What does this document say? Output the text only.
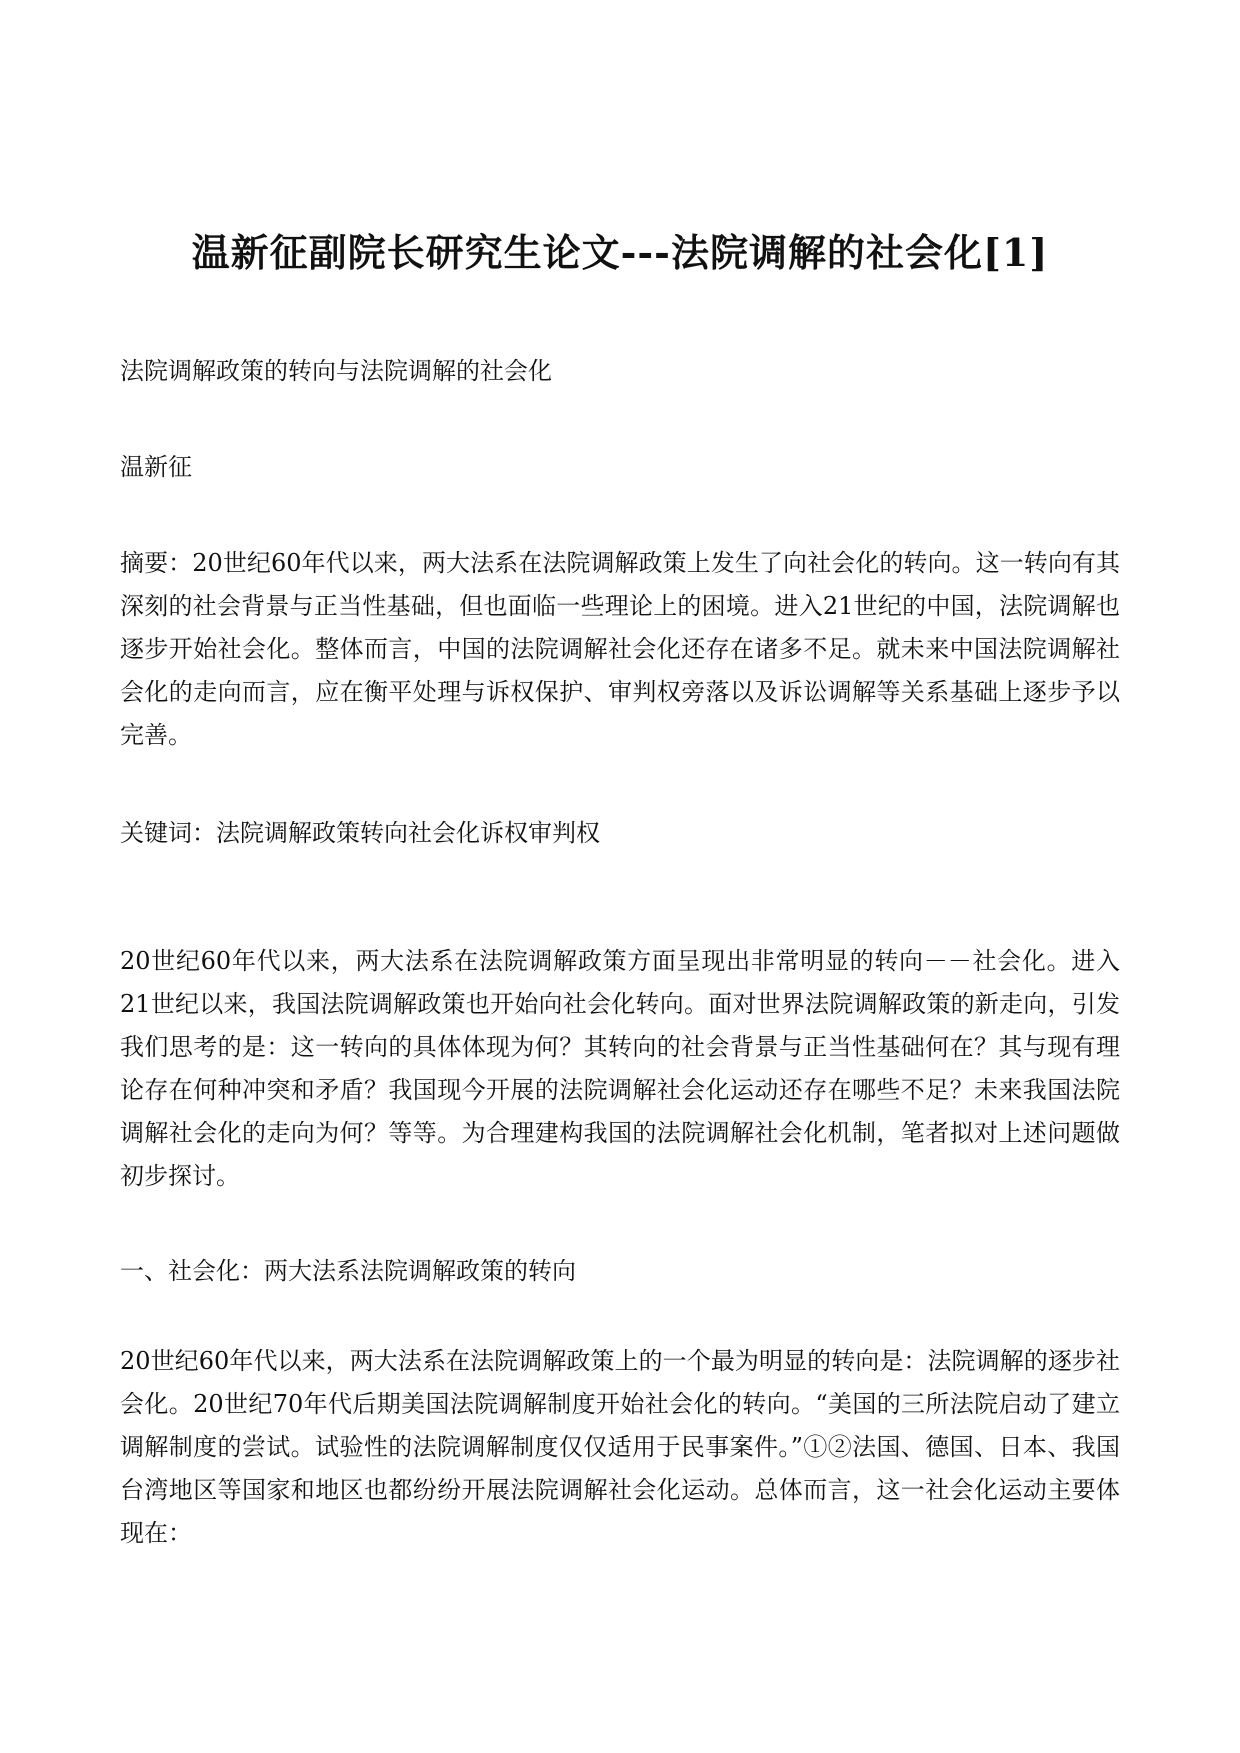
温新征副院长研究生论文---法院调解的社会化[1]
法院调解政策的转向与法院调解的社会化
温新征
摘要：20世纪60年代以来，两大法系在法院调解政策上发生了向社会化的转向。这一转向有其深刻的社会背景与正当性基础，但也面临一些理论上的困境。进入21世纪的中国，法院调解也逐步开始社会化。整体而言，中国的法院调解社会化还存在诸多不足。就未来中国法院调解社会化的走向而言，应在衡平处理与诉权保护、审判权旁落以及诉讼调解等关系基础上逐步予以完善。
关键词：法院调解政策转向社会化诉权审判权
20世纪60年代以来，两大法系在法院调解政策方面呈现出非常明显的转向－－社会化。进入21世纪以来，我国法院调解政策也开始向社会化转向。面对世界法院调解政策的新走向，引发我们思考的是：这一转向的具体体现为何？其转向的社会背景与正当性基础何在？其与现有理论存在何种冲突和矛盾？我国现今开展的法院调解社会化运动还存在哪些不足？未来我国法院调解社会化的走向为何？等等。为合理建构我国的法院调解社会化机制，笔者拟对上述问题做初步探讨。
一、社会化：两大法系法院调解政策的转向
20世纪60年代以来，两大法系在法院调解政策上的一个最为明显的转向是：法院调解的逐步社会化。20世纪70年代后期美国法院调解制度开始社会化的转向。“美国的三所法院启动了建立调解制度的尝试。试验性的法院调解制度仅仅适用于民事案件。”①②法国、德国、日本、我国台湾地区等国家和地区也都纷纷开展法院调解社会化运动。总体而言，这一社会化运动主要体现在：
